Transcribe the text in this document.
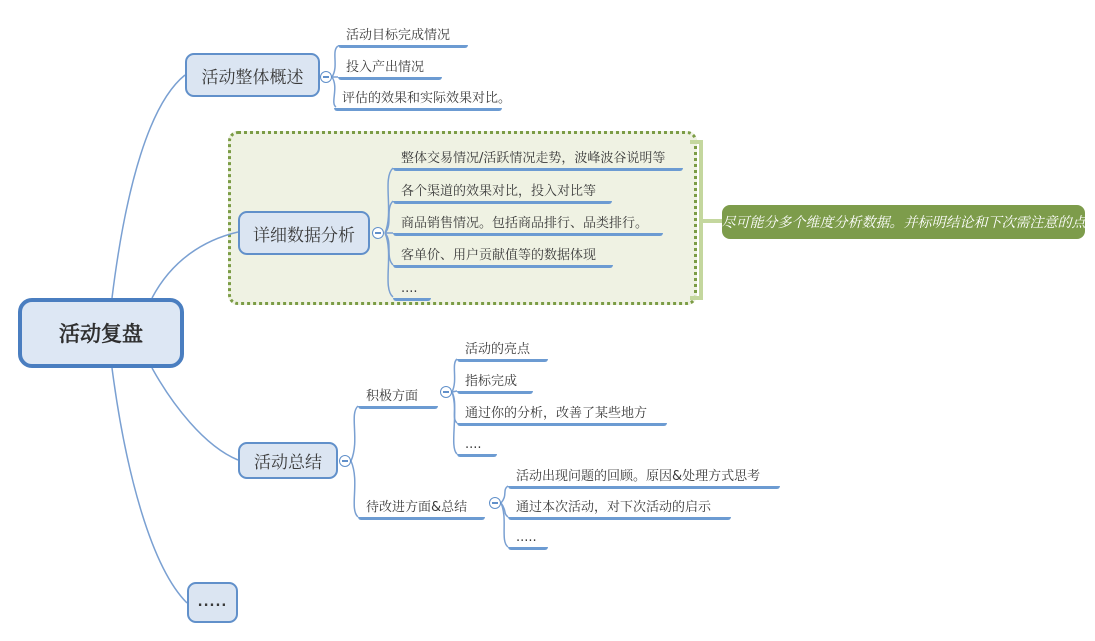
活动复盘
活动整体概述
详细数据分析
活动总结
.....
活动目标完成情况
投入产出情况
评估的效果和实际效果对比。
整体交易情况/活跃情况走势，波峰波谷说明等
各个渠道的效果对比，投入对比等
商品销售情况。包括商品排行、品类排行。
客单价、用户贡献值等的数据体现
....
积极方面
活动的亮点
指标完成
通过你的分析，改善了某些地方
....
待改进方面&总结
活动出现问题的回顾。原因&处理方式思考
通过本次活动，对下次活动的启示
.....
尽可能分多个维度分析数据。并标明结论和下次需注意的点
